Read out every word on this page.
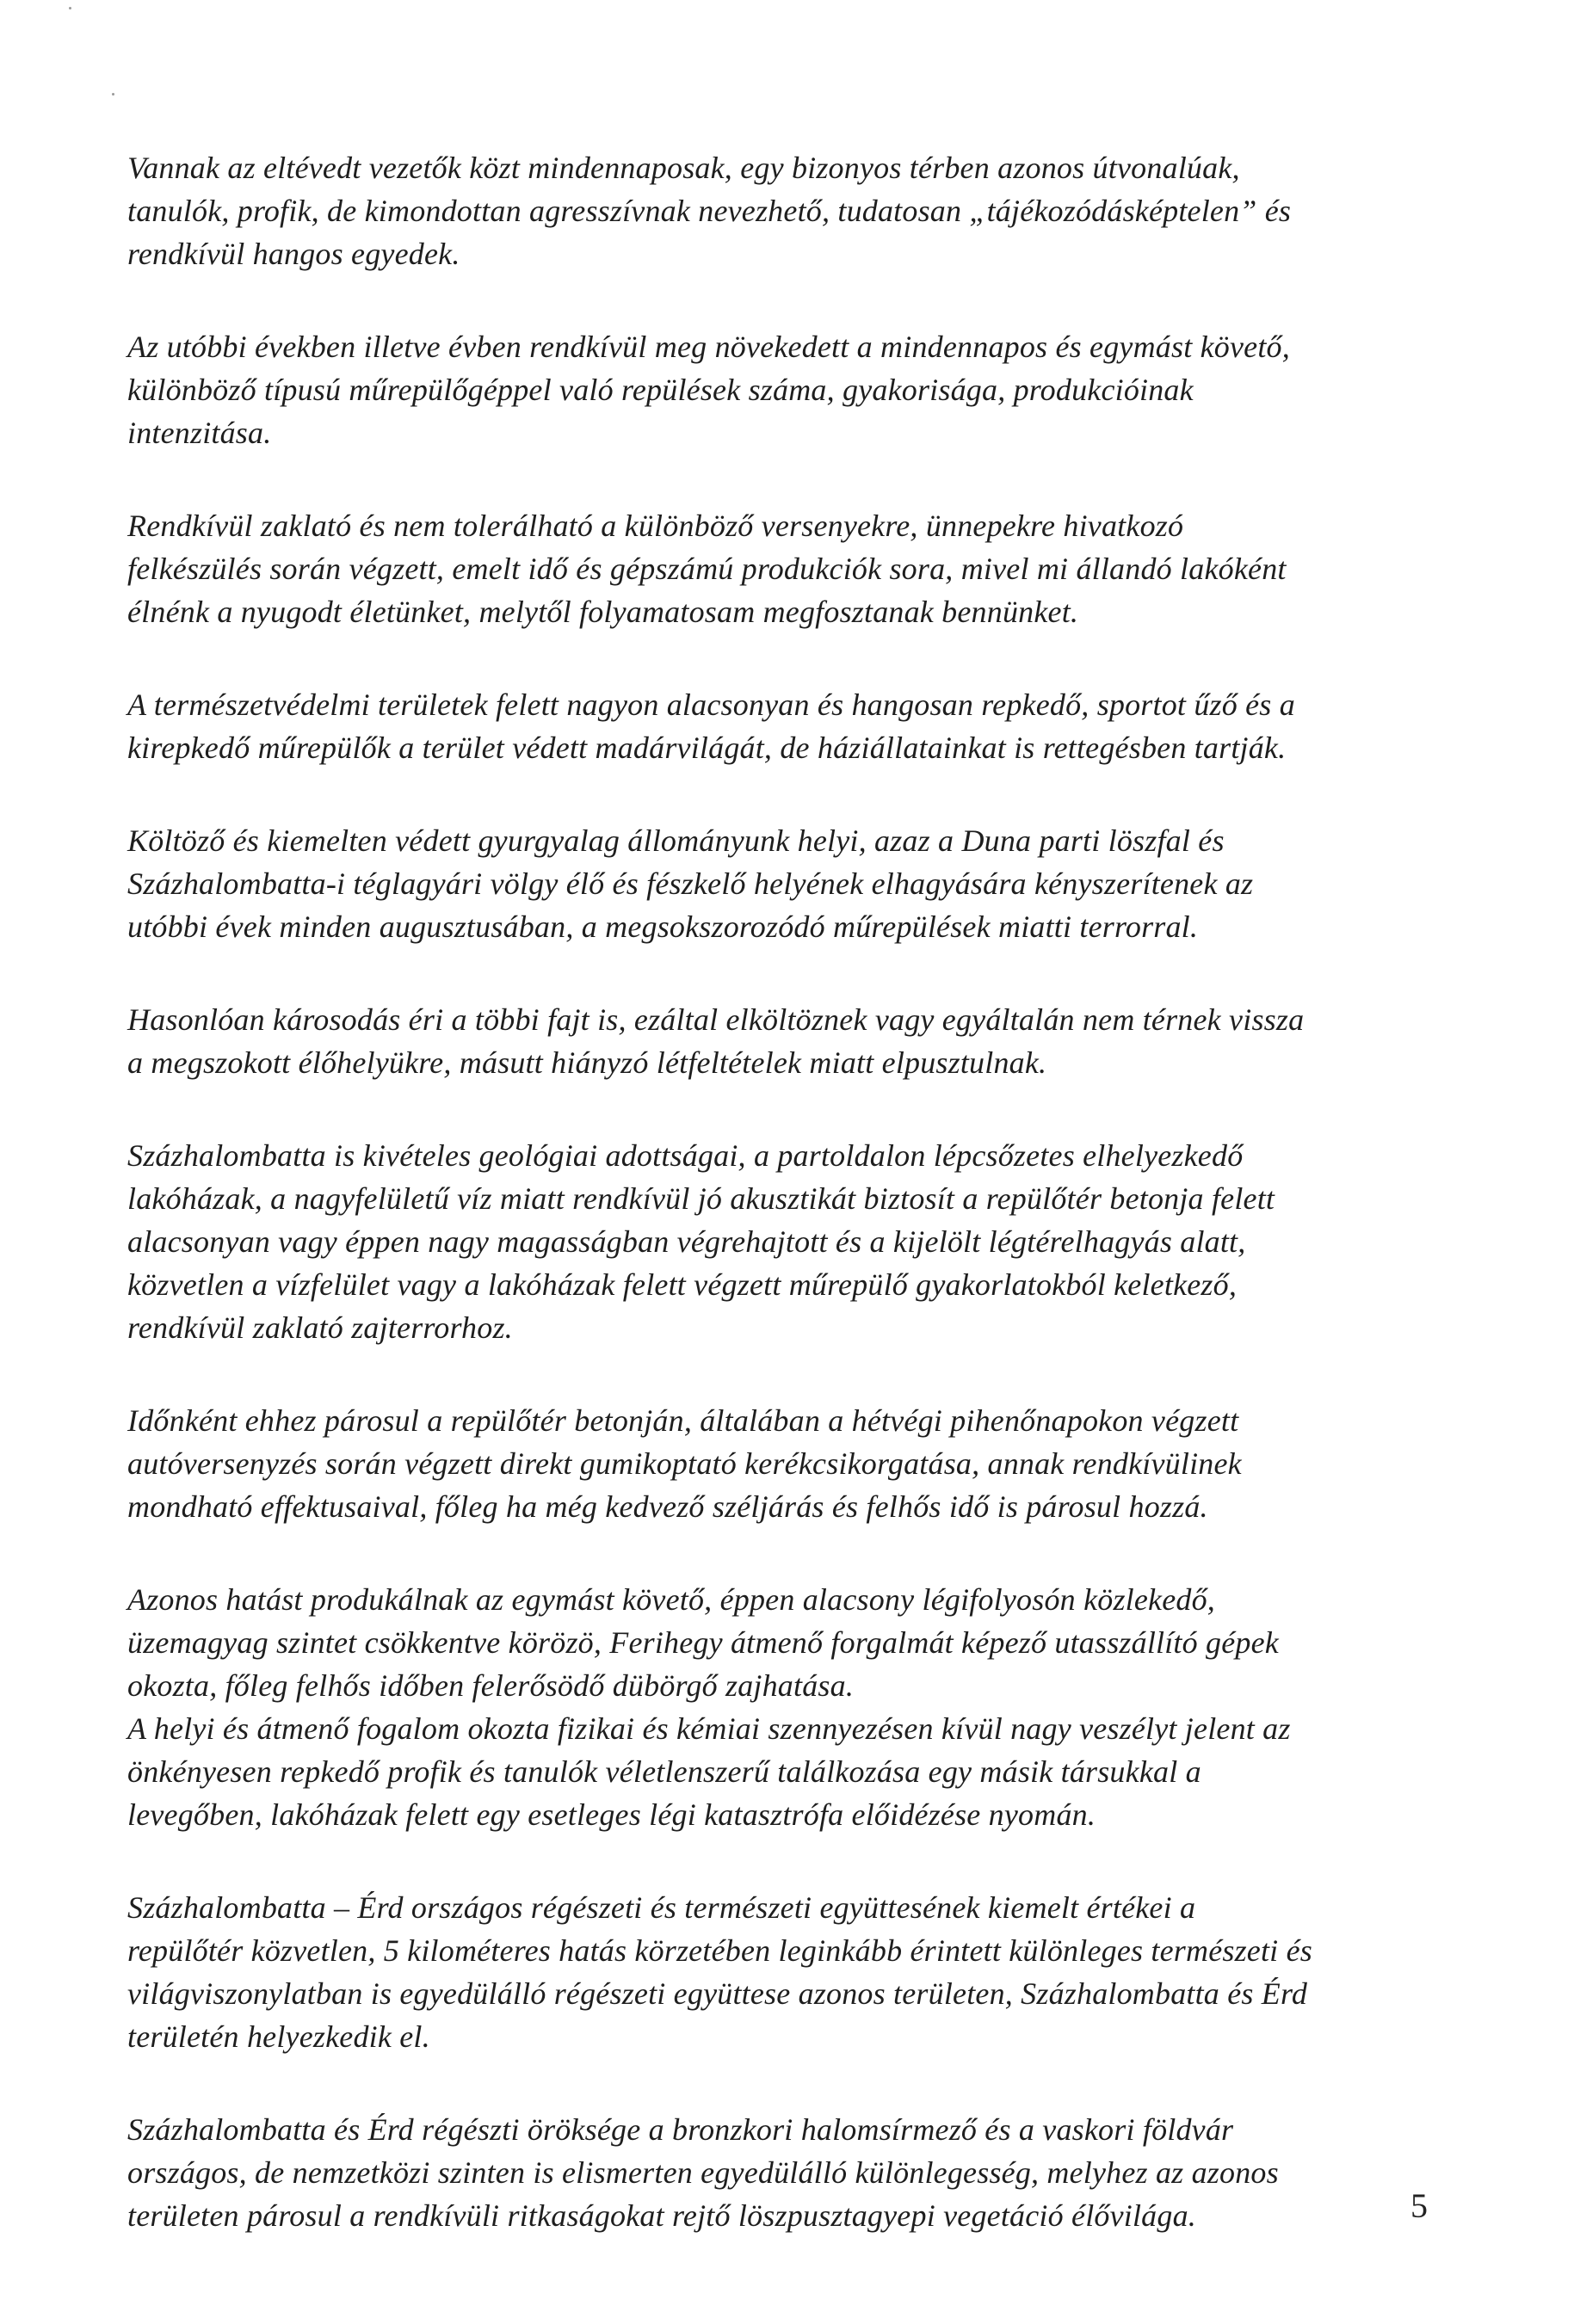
Vannak az eltévedt vezetők közt mindennaposak, egy bizonyos térben azonos útvonalúak,
tanulók, profik, de kimondottan agresszívnak nevezhető, tudatosan „tájékozódásképtelen” és
rendkívül hangos egyedek.

Az utóbbi években illetve évben rendkívül meg növekedett a mindennapos és egymást követő,
különböző típusú műrepülőgéppel való repülések száma, gyakorisága, produkcióinak
intenzitása.

Rendkívül zaklató és nem tolerálható a különböző versenyekre, ünnepekre hivatkozó
felkészülés során végzett, emelt idő és gépszámú produkciók sora, mivel mi állandó lakóként
élnénk a nyugodt életünket, melytől folyamatosam megfosztanak bennünket.

A természetvédelmi területek felett nagyon alacsonyan és hangosan repkedő, sportot űző és a
kirepkedő műrepülők a terület védett madárvilágát, de háziállatainkat is rettegésben tartják.

Költöző és kiemelten védett gyurgyalag állományunk helyi, azaz a Duna parti löszfal és
Százhalombatta-i téglagyári völgy élő és fészkelő helyének elhagyására kényszerítenek az
utóbbi évek minden augusztusában, a megsokszorozódó műrepülések miatti terrorral.

Hasonlóan károsodás éri a többi fajt is, ezáltal elköltöznek vagy egyáltalán nem térnek vissza
a megszokott élőhelyükre, másutt hiányzó létfeltételek miatt elpusztulnak.

Százhalombatta is kivételes geológiai adottságai, a partoldalon lépcsőzetes elhelyezkedő
lakóházak, a nagyfelületű víz miatt rendkívül jó akusztikát biztosít a repülőtér betonja felett
alacsonyan vagy éppen nagy magasságban végrehajtott és a kijelölt légtérelhagyás alatt,
közvetlen a vízfelület vagy a lakóházak felett végzett műrepülő gyakorlatokból keletkező,
rendkívül zaklató zajterrorhoz.

Időnként ehhez párosul a repülőtér betonján, általában a hétvégi pihenőnapokon végzett
autóversenyzés során végzett direkt gumikoptató kerékcsikorgatása, annak rendkívülinek
mondható effektusaival, főleg ha még kedvező széljárás és felhős idő is párosul hozzá.

Azonos hatást produkálnak az egymást követő, éppen alacsony légifolyosón közlekedő,
üzemagyag szintet csökkentve körözö, Ferihegy átmenő forgalmát képező utasszállító gépek
okozta, főleg felhős időben felerősödő dübörgő zajhatása.

A helyi és átmenő fogalom okozta fizikai és kémiai szennyezésen kívül nagy veszélyt jelent az
önkényesen repkedő profik és tanulók véletlenszerű találkozása egy másik társukkal a
levegőben, lakóházak felett egy esetleges légi katasztrófa előidézése nyomán.

Százhalombatta – Érd országos régészeti és természeti együttesének kiemelt értékei a
repülőtér közvetlen, 5 kilométeres hatás körzetében leginkább érintett különleges természeti és
világviszonylatban is egyedülálló régészeti együttese azonos területen, Százhalombatta és Érd
területén helyezkedik el.

Százhalombatta és Érd régészti öröksége a bronzkori halomsírmező és a vaskori földvár
országos, de nemzetközi szinten is elismerten egyedülálló különlegesség, melyhez az azonos
területen párosul a rendkívüli ritkaságokat rejtő löszpusztagyepi vegetáció élővilága.	5
